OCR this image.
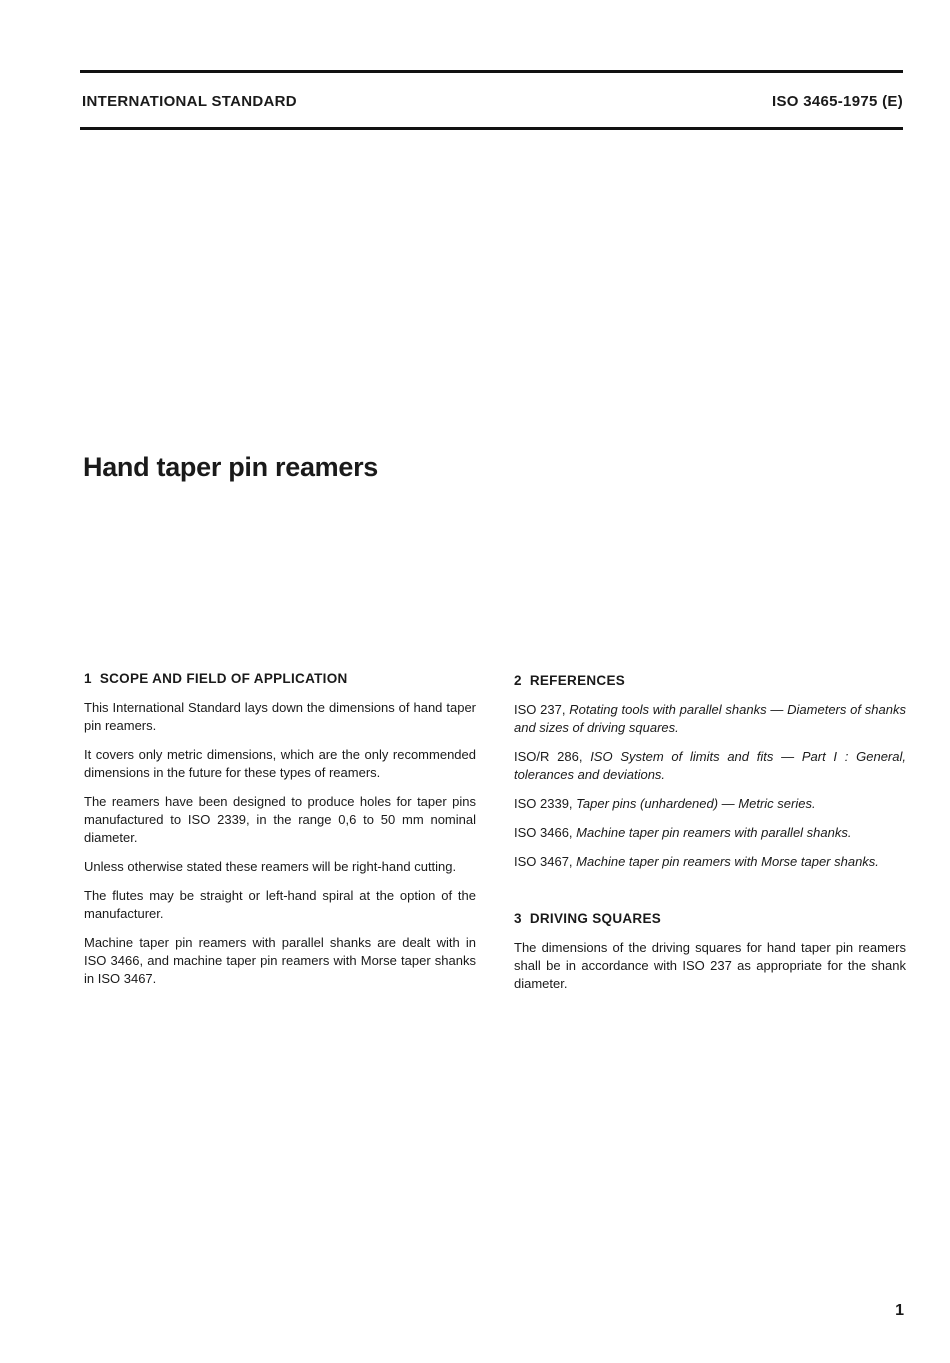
INTERNATIONAL STANDARD	ISO 3465-1975 (E)
Hand taper pin reamers
1 SCOPE AND FIELD OF APPLICATION

This International Standard lays down the dimensions of hand taper pin reamers.

It covers only metric dimensions, which are the only recommended dimensions in the future for these types of reamers.

The reamers have been designed to produce holes for taper pins manufactured to ISO 2339, in the range 0,6 to 50 mm nominal diameter.

Unless otherwise stated these reamers will be right-hand cutting.

The flutes may be straight or left-hand spiral at the option of the manufacturer.

Machine taper pin reamers with parallel shanks are dealt with in ISO 3466, and machine taper pin reamers with Morse taper shanks in ISO 3467.

2 REFERENCES

ISO 237, Rotating tools with parallel shanks — Diameters of shanks and sizes of driving squares.

ISO/R 286, ISO System of limits and fits — Part I : General, tolerances and deviations.

ISO 2339, Taper pins (unhardened) — Metric series.

ISO 3466, Machine taper pin reamers with parallel shanks.

ISO 3467, Machine taper pin reamers with Morse taper shanks.

3 DRIVING SQUARES

The dimensions of the driving squares for hand taper pin reamers shall be in accordance with ISO 237 as appropriate for the shank diameter.

1
